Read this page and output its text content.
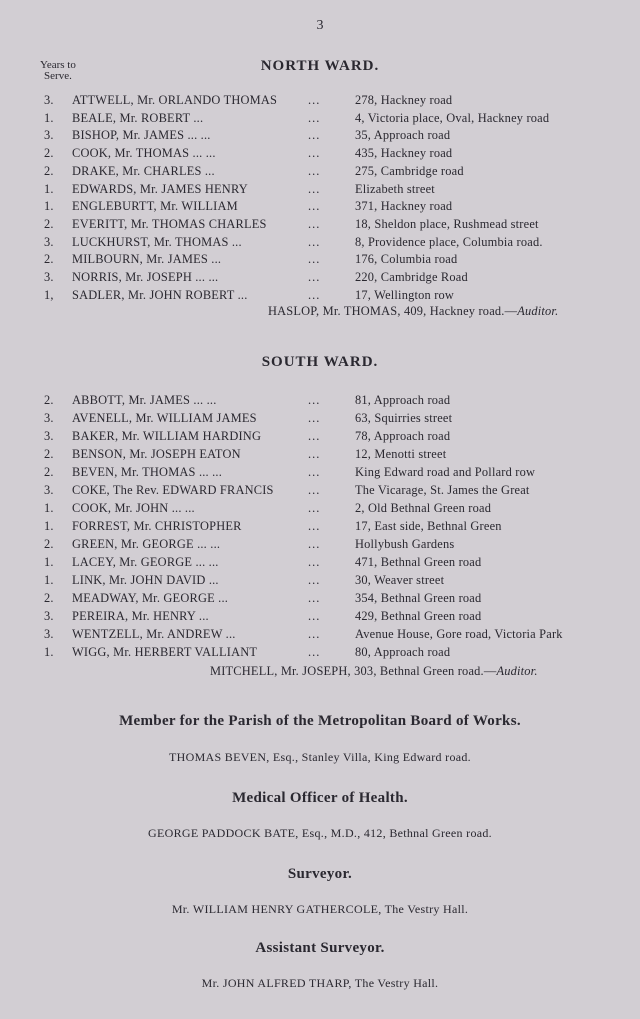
3
Years to
Serve.
NORTH WARD.
3.	ATTWELL, Mr. ORLANDO THOMAS ...	278, Hackney road
1.	BEALE, Mr. ROBERT ...	...	4, Victoria place, Oval, Hackney road
3.	BISHOP, Mr. JAMES ... ...	...	35, Approach road
2.	COOK, Mr. THOMAS ... ...	...	435, Hackney road
2.	DRAKE, Mr. CHARLES ...	...	275, Cambridge road
1.	EDWARDS, Mr. JAMES HENRY	...	Elizabeth street
1.	ENGLEBURTT, Mr. WILLIAM	...	371, Hackney road
2.	EVERITT, Mr. THOMAS CHARLES	...	18, Sheldon place, Rushmead street
3.	LUCKHURST, Mr. THOMAS ...	...	8, Providence place, Columbia road.
2.	MILBOURN, Mr. JAMES ...	...	176, Columbia road
3.	NORRIS, Mr. JOSEPH ... ...	...	220, Cambridge Road
1,	SADLER, Mr. JOHN ROBERT ...	...	17, Wellington row
HASLOP, Mr. THOMAS, 409, Hackney road.—Auditor.
SOUTH WARD.
2.	ABBOTT, Mr. JAMES ... ...	...	81, Approach road
3.	AVENELL, Mr. WILLIAM JAMES	...	63, Squirries street
3.	BAKER, Mr. WILLIAM HARDING	...	78, Approach road
2.	BENSON, Mr. JOSEPH EATON	...	12, Menotti street
2.	BEVEN, Mr. THOMAS ... ...	...	King Edward road and Pollard row
3.	COKE, The Rev. EDWARD FRANCIS	...	The Vicarage, St. James the Great
1.	COOK, Mr. JOHN ... ...	...	2, Old Bethnal Green road
1.	FORREST, Mr. CHRISTOPHER	...	17, East side, Bethnal Green
2.	GREEN, Mr. GEORGE ... ...	...	Hollybush Gardens
1.	LACEY, Mr. GEORGE ... ...	...	471, Bethnal Green road
1.	LINK, Mr. JOHN DAVID ...	...	30, Weaver street
2.	MEADWAY, Mr. GEORGE ...	...	354, Bethnal Green road
3.	PEREIRA, Mr. HENRY ...	...	429, Bethnal Green road
3.	WENTZELL, Mr. ANDREW ...	...	Avenue House, Gore road, Victoria Park
1.	WIGG, Mr. HERBERT VALLIANT	...	80, Approach road
MITCHELL, Mr. JOSEPH, 303, Bethnal Green road.—Auditor.
Member for the Parish of the Metropolitan Board of Works.
THOMAS BEVEN, Esq., Stanley Villa, King Edward road.
Medical Officer of Health.
GEORGE PADDOCK BATE, Esq., M.D., 412, Bethnal Green road.
Surveyor.
Mr. WILLIAM HENRY GATHERCOLE, The Vestry Hall.
Assistant Surveyor.
Mr. JOHN ALFRED THARP, The Vestry Hall.
